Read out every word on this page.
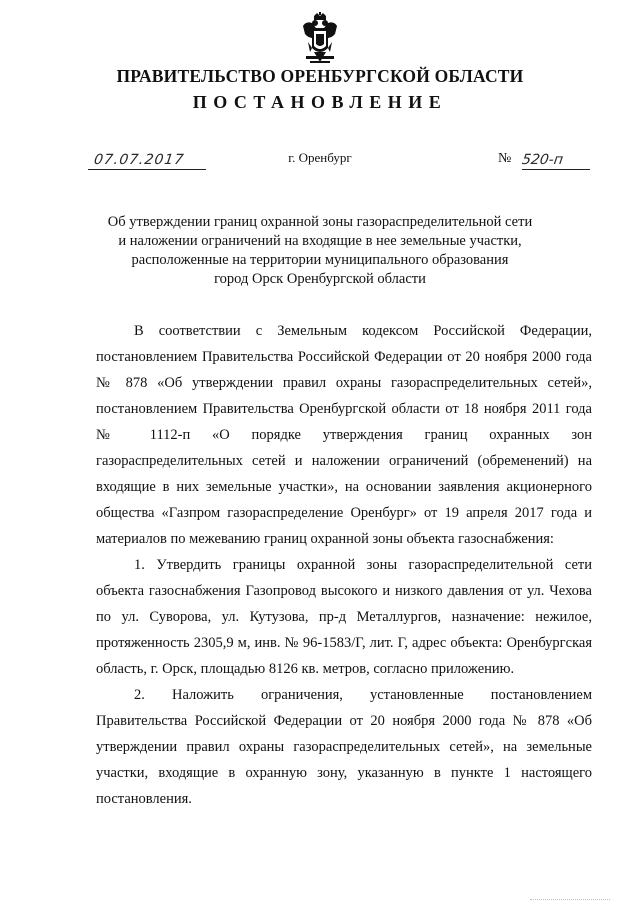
ПРАВИТЕЛЬСТВО ОРЕНБУРГСКОЙ ОБЛАСТИ
ПОСТАНОВЛЕНИЕ
07.07.2017	г. Оренбург	№ 520-п
Об утверждении границ охранной зоны газораспределительной сети
и наложении ограничений на входящие в нее земельные участки,
расположенные на территории муниципального образования
город Орск Оренбургской области

В соответствии с Земельным кодексом Российской Федерации, постановлением Правительства Российской Федерации от 20 ноября 2000 года № 878 «Об утверждении правил охраны газораспределительных сетей», постановлением Правительства Оренбургской области от 18 ноября 2011 года № 1112-п «О порядке утверждения границ охранных зон газораспределительных сетей и наложении ограничений (обременений) на входящие в них земельные участки», на основании заявления акционерного общества «Газпром газораспределение Оренбург» от 19 апреля 2017 года и материалов по межеванию границ охранной зоны объекта газоснабжения:

1. Утвердить границы охранной зоны газораспределительной сети объекта газоснабжения Газопровод высокого и низкого давления от ул. Чехова по ул. Суворова, ул. Кутузова, пр-д Металлургов, назначение: нежилое, протяженность 2305,9 м, инв. № 96-1583/Г, лит. Г, адрес объекта: Оренбургская область, г. Орск, площадью 8126 кв. метров, согласно приложению.

2. Наложить ограничения, установленные постановлением Правительства Российской Федерации от 20 ноября 2000 года № 878 «Об утверждении правил охраны газораспределительных сетей», на земельные участки, входящие в охранную зону, указанную в пункте 1 настоящего постановления.
